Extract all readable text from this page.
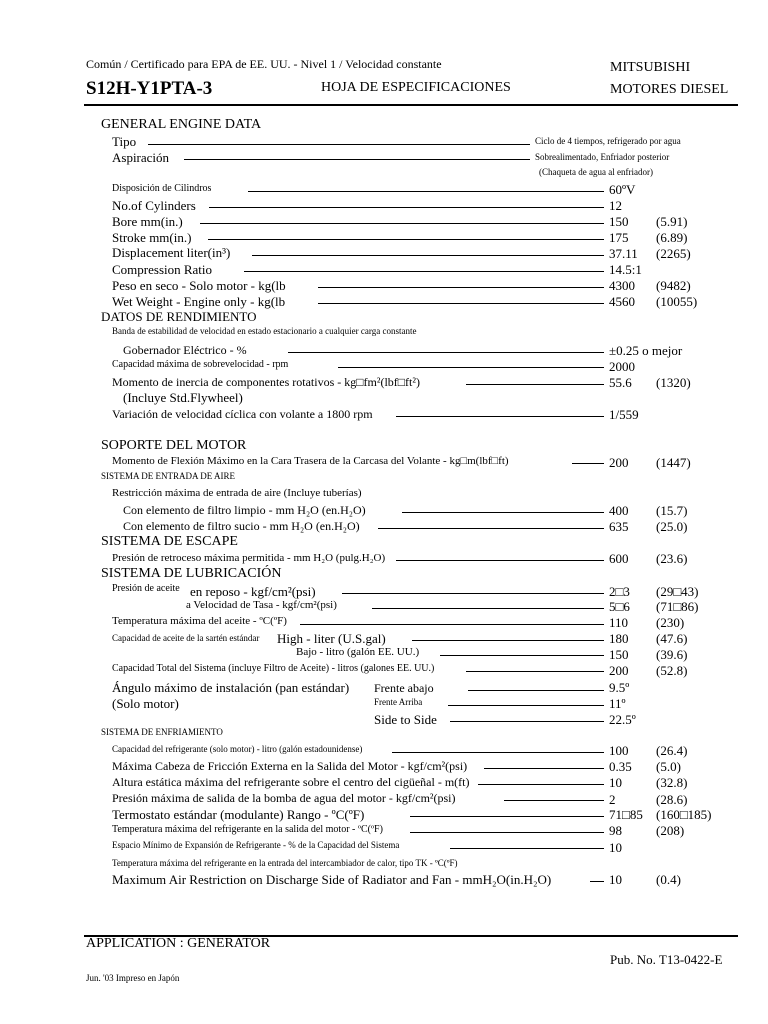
Común / Certificado para EPA de EE. UU. - Nivel 1 / Velocidad constante
S12H-Y1PTA-3	HOJA DE ESPECIFICACIONES
MITSUBISHI
MOTORES DIESEL
GENERAL ENGINE DATA
Tipo	Ciclo de 4 tiempos, refrigerado por agua
Aspiración	Sobrealimentado, Enfriador posterior
(Chaqueta de agua al enfriador)
Disposición de Cilindros	60ºV
No.of Cylinders	12
Bore mm(in.)	150 (5.91)
Stroke mm(in.)	175 (6.89)
Displacement liter(in³)	37.11 (2265)
Compression Ratio	14.5:1
Peso en seco - Solo motor - kg(lb	4300 (9482)
Wet Weight - Engine only - kg(lb	4560 (10055)
DATOS DE RENDIMIENTO
Banda de estabilidad de velocidad en estado estacionario a cualquier carga constante
Gobernador Eléctrico - %	±0.25 o mejor
Capacidad máxima de sobrevelocidad - rpm	2000
Momento de inercia de componentes rotativos - kg□fm²(lbf□ft²)	55.6 (1320)
(Incluye Std.Flywheel)
Variación de velocidad cíclica con volante a 1800 rpm	1/559
SOPORTE DEL MOTOR
Momento de Flexión Máximo en la Cara Trasera de la Carcasa del Volante - kg□m(lbf□ft)	200 (1447)
SISTEMA DE ENTRADA DE AIRE
Restricción máxima de entrada de aire (Incluye tuberías)
Con elemento de filtro limpio - mm H₂O (en.H₂O)	400 (15.7)
Con elemento de filtro sucio - mm H₂O (en.H₂O)	635 (25.0)
SISTEMA DE ESCAPE
Presión de retroceso máxima permitida - mm H₂O (pulg.H₂O)	600 (23.6)
SISTEMA DE LUBRICACIÓN
Presión de aceite en reposo - kgf/cm²(psi)	2□3 (29□43)
a Velocidad de Tasa - kgf/cm²(psi)	5□6 (71□86)
Temperatura máxima del aceite - ºC(ºF)	110 (230)
Capacidad de aceite de la sartén estándar High - liter (U.S.gal)	180 (47.6)
Bajo - litro (galón EE. UU.)	150 (39.6)
Capacidad Total del Sistema (incluye Filtro de Aceite) - litros (galones EE. UU.)	200 (52.8)
Ángulo máximo de instalación (pan estándar)
(Solo motor)
Frente abajo	9.5º
Frente Arriba	11º
Side to Side	22.5º
SISTEMA DE ENFRIAMIENTO
Capacidad del refrigerante (solo motor) - litro (galón estadounidense)	100 (26.4)
Máxima Cabeza de Fricción Externa en la Salida del Motor - kgf/cm²(psi)	0.35 (5.0)
Altura estática máxima del refrigerante sobre el centro del cigüeñal - m(ft)	10	(32.8)
Presión máxima de salida de la bomba de agua del motor - kgf/cm²(psi)	2	(28.6)
Termostato estándar (modulante) Rango - ºC(ºF)	71□85 (160□185)
Temperatura máxima del refrigerante en la salida del motor - ºC(ºF)	98	(208)
Espacio Mínimo de Expansión de Refrigerante - % de la Capacidad del Sistema	10
Temperatura máxima del refrigerante en la entrada del intercambiador de calor, tipo TK - ºC(ºF)
Maximum Air Restriction on Discharge Side of Radiator and Fan - mmH₂O(in.H₂O)	10	(0.4)
APPLICATION : GENERATOR
Pub. No. T13-0422-E
Jun. '03 Impreso en Japón
